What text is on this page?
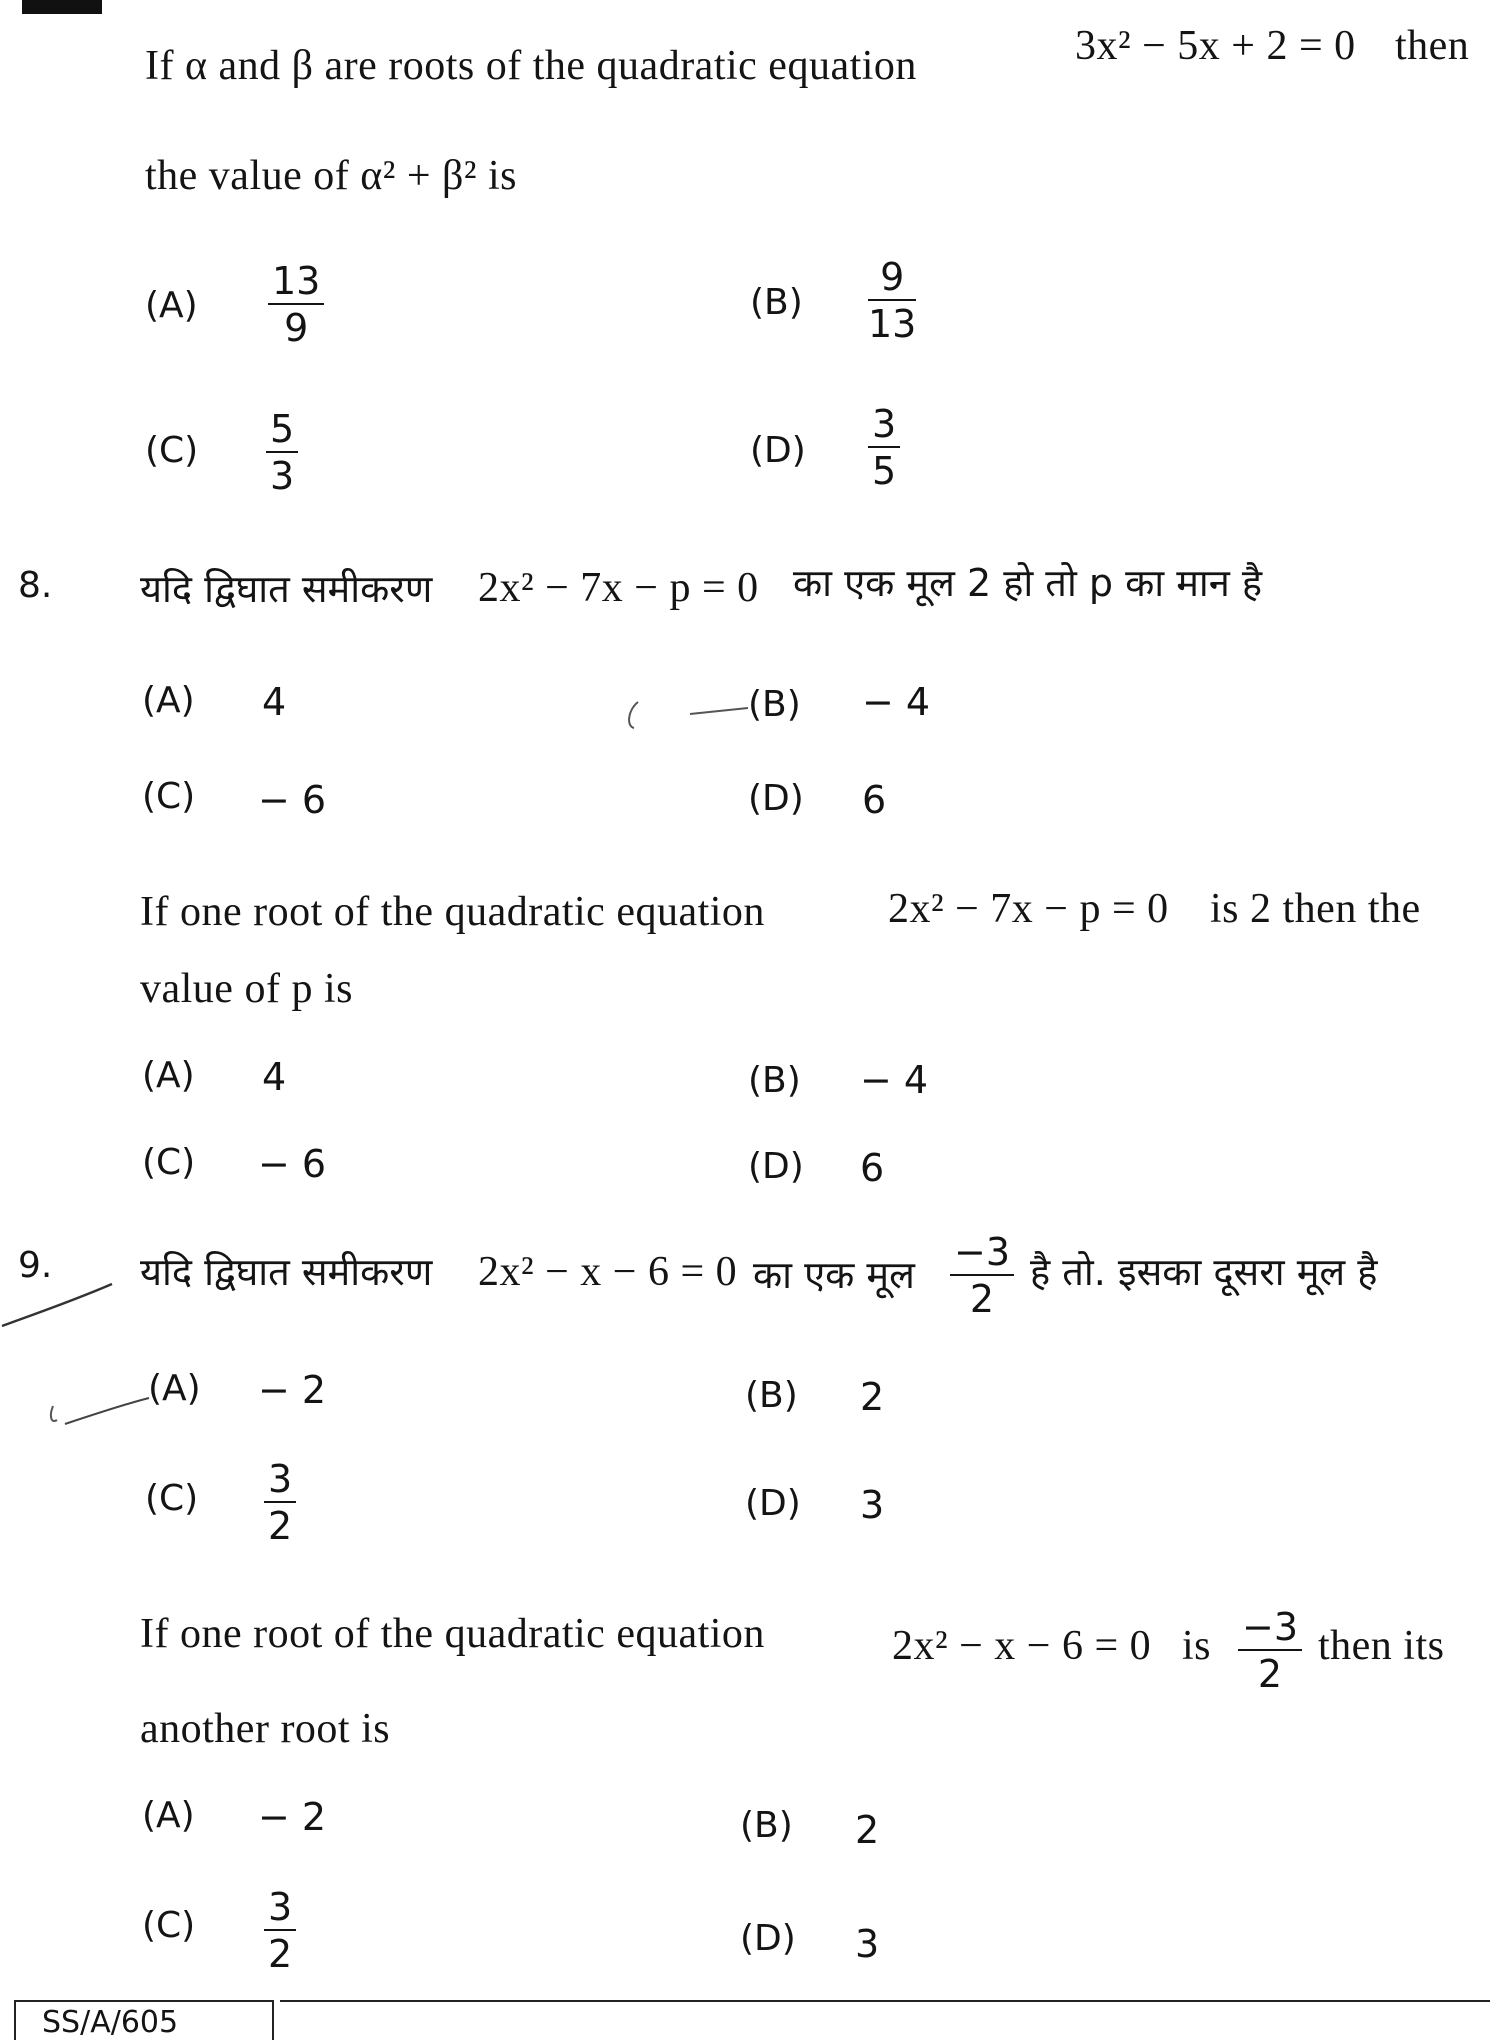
If α and β are roots of the quadratic equation	3x² − 5x + 2 = 0 then
the value of α² + β² is
$(A) \frac{13}{9}$	$(B) \frac{9}{13}$
$(C) \frac{5}{3}$	$(D) \frac{3}{5}$
8. यदि द्विघात समीकरण 2x² − 7x − p = 0 का एक मूल 2 हो तो p का मान है
(A) 4	(B) − 4
(C) − 6	(D) 6
If one root of the quadratic equation	2x² − 7x − p = 0 is 2 then the
value of p is
(A) 4	(B) − 4
(C) − 6	(D) 6
9. यदि द्विघात समीकरण 2x² − x − 6 = 0 का एक मूल $\frac{-3}{2}$ है तो. इसका दूसरा मूल है
(A) − 2	(B) 2
$(C) \frac{3}{2}$	(D) 3
If one root of the quadratic equation	2x² − x − 6 = 0 is $\frac{-3}{2}$ then its
another root is
(A) − 2	(B) 2
$(C) \frac{3}{2}$	(D) 3
SS/A/605
